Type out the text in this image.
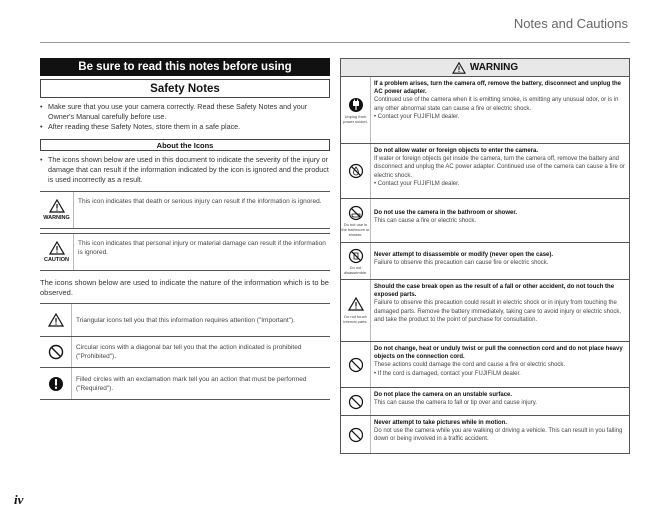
Notes and Cautions
Be sure to read this notes before using
Safety Notes
• Make sure that you use your camera correctly. Read these Safety Notes and your Owner's Manual carefully before use.
• After reading these Safety Notes, store them in a safe place.
About the Icons
• The icons shown below are used in this document to indicate the severity of the injury or damage that can result if the information indicated by the icon is ignored and the product is used incorrectly as a result.
WARNING
This icon indicates that death or serious injury can result if the information is ignored.
CAUTION
This icon indicates that personal injury or material damage can result if the information is ignored.
The icons shown below are used to indicate the nature of the information which is to be observed.
Triangular icons tell you that this information requires attention ("Important").
Circular icons with a diagonal bar tell you that the action indicated is prohibited ("Prohibited").
Filled circles with an exclamation mark tell you an action that must be performed ("Required").
WARNING
Unplug from power socket.
If a problem arises, turn the camera off, remove the battery, disconnect and unplug the AC power adapter.
Continued use of the camera when it is emitting smoke, is emitting any unusual odor, or is in any other abnormal state can cause a fire or electric shock.
• Contact your FUJIFILM dealer.
Do not allow water or foreign objects to enter the camera.
If water or foreign objects get inside the camera, turn the camera off, remove the battery and disconnect and unplug the AC power adapter. Continued use of the camera can cause a fire or electric shock.
• Contact your FUJIFILM dealer.
Do not use in the bathroom or shower.
Do not use the camera in the bathroom or shower.
This can cause a fire or electric shock.
Do not disassemble.
Never attempt to disassemble or modify (never open the case).
Failure to observe this precaution can cause fire or electric shock.
Do not touch internal parts.
Should the case break open as the result of a fall or other accident, do not touch the exposed parts.
Failure to observe this precaution could result in electric shock or in injury from touching the damaged parts. Remove the battery immediately, taking care to avoid injury or electric shock, and take the product to the point of purchase for consultation.
Do not change, heat or unduly twist or pull the connection cord and do not place heavy objects on the connection cord.
These actions could damage the cord and cause a fire or electric shock.
• If the cord is damaged, contact your FUJIFILM dealer.
Do not place the camera on an unstable surface.
This can cause the camera to fall or tip over and cause injury.
Never attempt to take pictures while in motion.
Do not use the camera while you are walking or driving a vehicle. This can result in you falling down or being involved in a traffic accident.
iv
